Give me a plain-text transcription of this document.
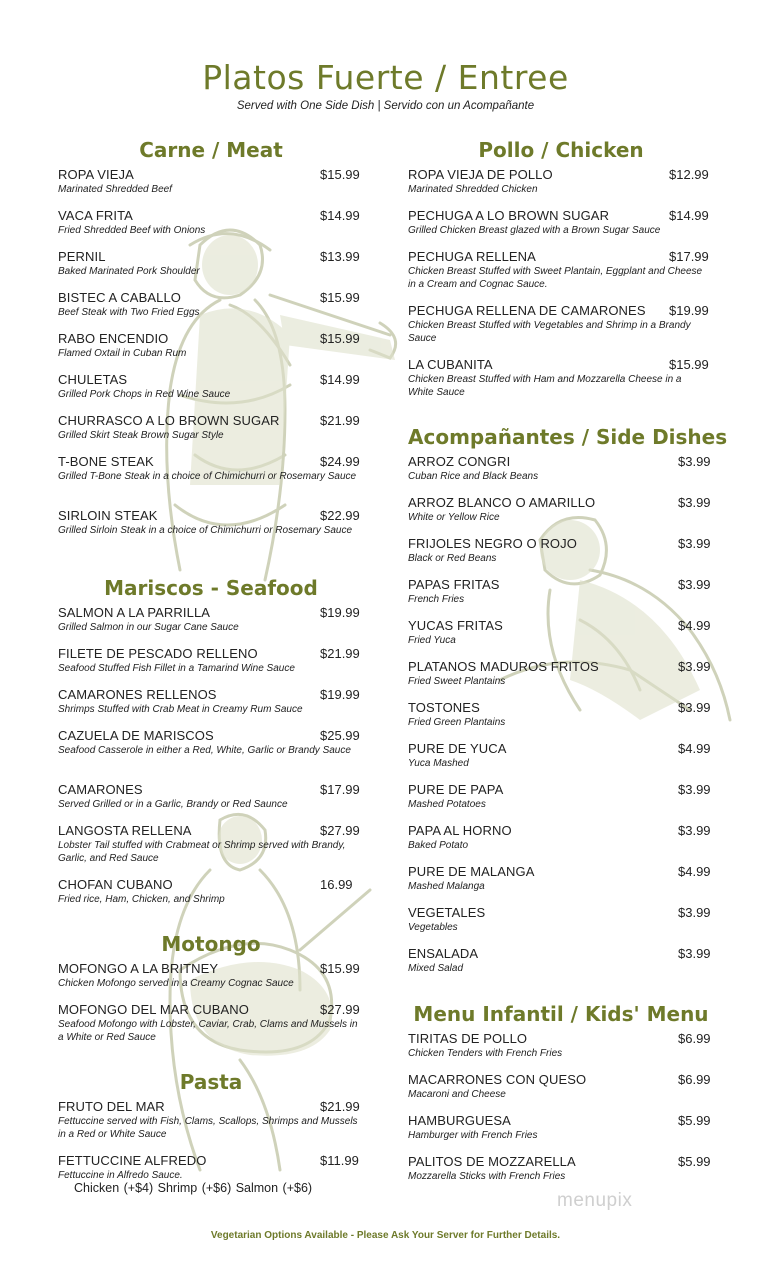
Platos Fuerte / Entree
Served with One Side Dish | Servido con un Acompañante
Carne / Meat
ROPA VIEJA	$15.99
Marinated Shredded Beef
VACA FRITA	$14.99
Fried Shredded Beef with Onions
PERNIL	$13.99
Baked Marinated Pork Shoulder
BISTEC A CABALLO	$15.99
Beef Steak with Two Fried Eggs
RABO ENCENDIO	$15.99
Flamed Oxtail in Cuban Rum
CHULETAS	$14.99
Grilled Pork Chops in Red Wine Sauce
CHURRASCO A LO BROWN SUGAR	$21.99
Grilled Skirt Steak Brown Sugar Style
T-BONE STEAK	$24.99
Grilled T-Bone Steak in a choice of Chimichurri or Rosemary Sauce
SIRLOIN STEAK	$22.99
Grilled Sirloin Steak in a choice of Chimichurri or Rosemary Sauce
Mariscos - Seafood
SALMON A LA PARRILLA	$19.99
Grilled Salmon in our Sugar Cane Sauce
FILETE DE PESCADO RELLENO	$21.99
Seafood Stuffed Fish Fillet in a Tamarind Wine Sauce
CAMARONES RELLENOS	$19.99
Shrimps Stuffed with Crab Meat in Creamy Rum Sauce
CAZUELA DE MARISCOS	$25.99
Seafood Casserole in either a Red, White, Garlic or Brandy Sauce
CAMARONES	$17.99
Served Grilled or in a Garlic, Brandy or Red Saunce
LANGOSTA RELLENA	$27.99
Lobster Tail stuffed with Crabmeat or Shrimp served with Brandy, Garlic, and Red Sauce
CHOFAN CUBANO	16.99
Fried rice, Ham, Chicken, and Shrimp
Motongo
MOFONGO A LA BRITNEY	$15.99
Chicken Mofongo served in a Creamy Cognac Sauce
MOFONGO DEL MAR CUBANO	$27.99
Seafood Mofongo with Lobster, Caviar, Crab, Clams and Mussels in a White or Red Sauce
Pasta
FRUTO DEL MAR	$21.99
Fettuccine served with Fish, Clams, Scallops, Shrimps and Mussels in a Red or White Sauce
FETTUCCINE ALFREDO	$11.99
Fettuccine in Alfredo Sauce.
Chicken (+$4) Shrimp (+$6) Salmon (+$6)
Pollo / Chicken
ROPA VIEJA DE POLLO	$12.99
Marinated Shredded Chicken
PECHUGA A LO BROWN SUGAR	$14.99
Grilled Chicken Breast glazed with a Brown Sugar Sauce
PECHUGA RELLENA	$17.99
Chicken Breast Stuffed with Sweet Plantain, Eggplant and Cheese in a Cream and Cognac Sauce.
PECHUGA RELLENA DE CAMARONES	$19.99
Chicken Breast Stuffed with Vegetables and Shrimp in a Brandy Sauce
LA CUBANITA	$15.99
Chicken Breast Stuffed with Ham and Mozzarella Cheese in a White Sauce
Acompañantes / Side Dishes
ARROZ CONGRI	$3.99
Cuban Rice and Black Beans
ARROZ BLANCO O AMARILLO	$3.99
White or Yellow Rice
FRIJOLES NEGRO O ROJO	$3.99
Black or Red Beans
PAPAS FRITAS	$3.99
French Fries
YUCAS FRITAS	$4.99
Fried Yuca
PLATANOS MADUROS FRITOS	$3.99
Fried Sweet Plantains
TOSTONES	$3.99
Fried Green Plantains
PURE DE YUCA	$4.99
Yuca Mashed
PURE DE PAPA	$3.99
Mashed Potatoes
PAPA AL HORNO	$3.99
Baked Potato
PURE DE MALANGA	$4.99
Mashed Malanga
VEGETALES	$3.99
Vegetables
ENSALADA	$3.99
Mixed Salad
Menu Infantil / Kids' Menu
TIRITAS DE POLLO	$6.99
Chicken Tenders with French Fries
MACARRONES CON QUESO	$6.99
Macaroni and Cheese
HAMBURGUESA	$5.99
Hamburger with French Fries
PALITOS DE MOZZARELLA	$5.99
Mozzarella Sticks with French Fries
menupix
Vegetarian Options Available - Please Ask Your Server for Further Details.
